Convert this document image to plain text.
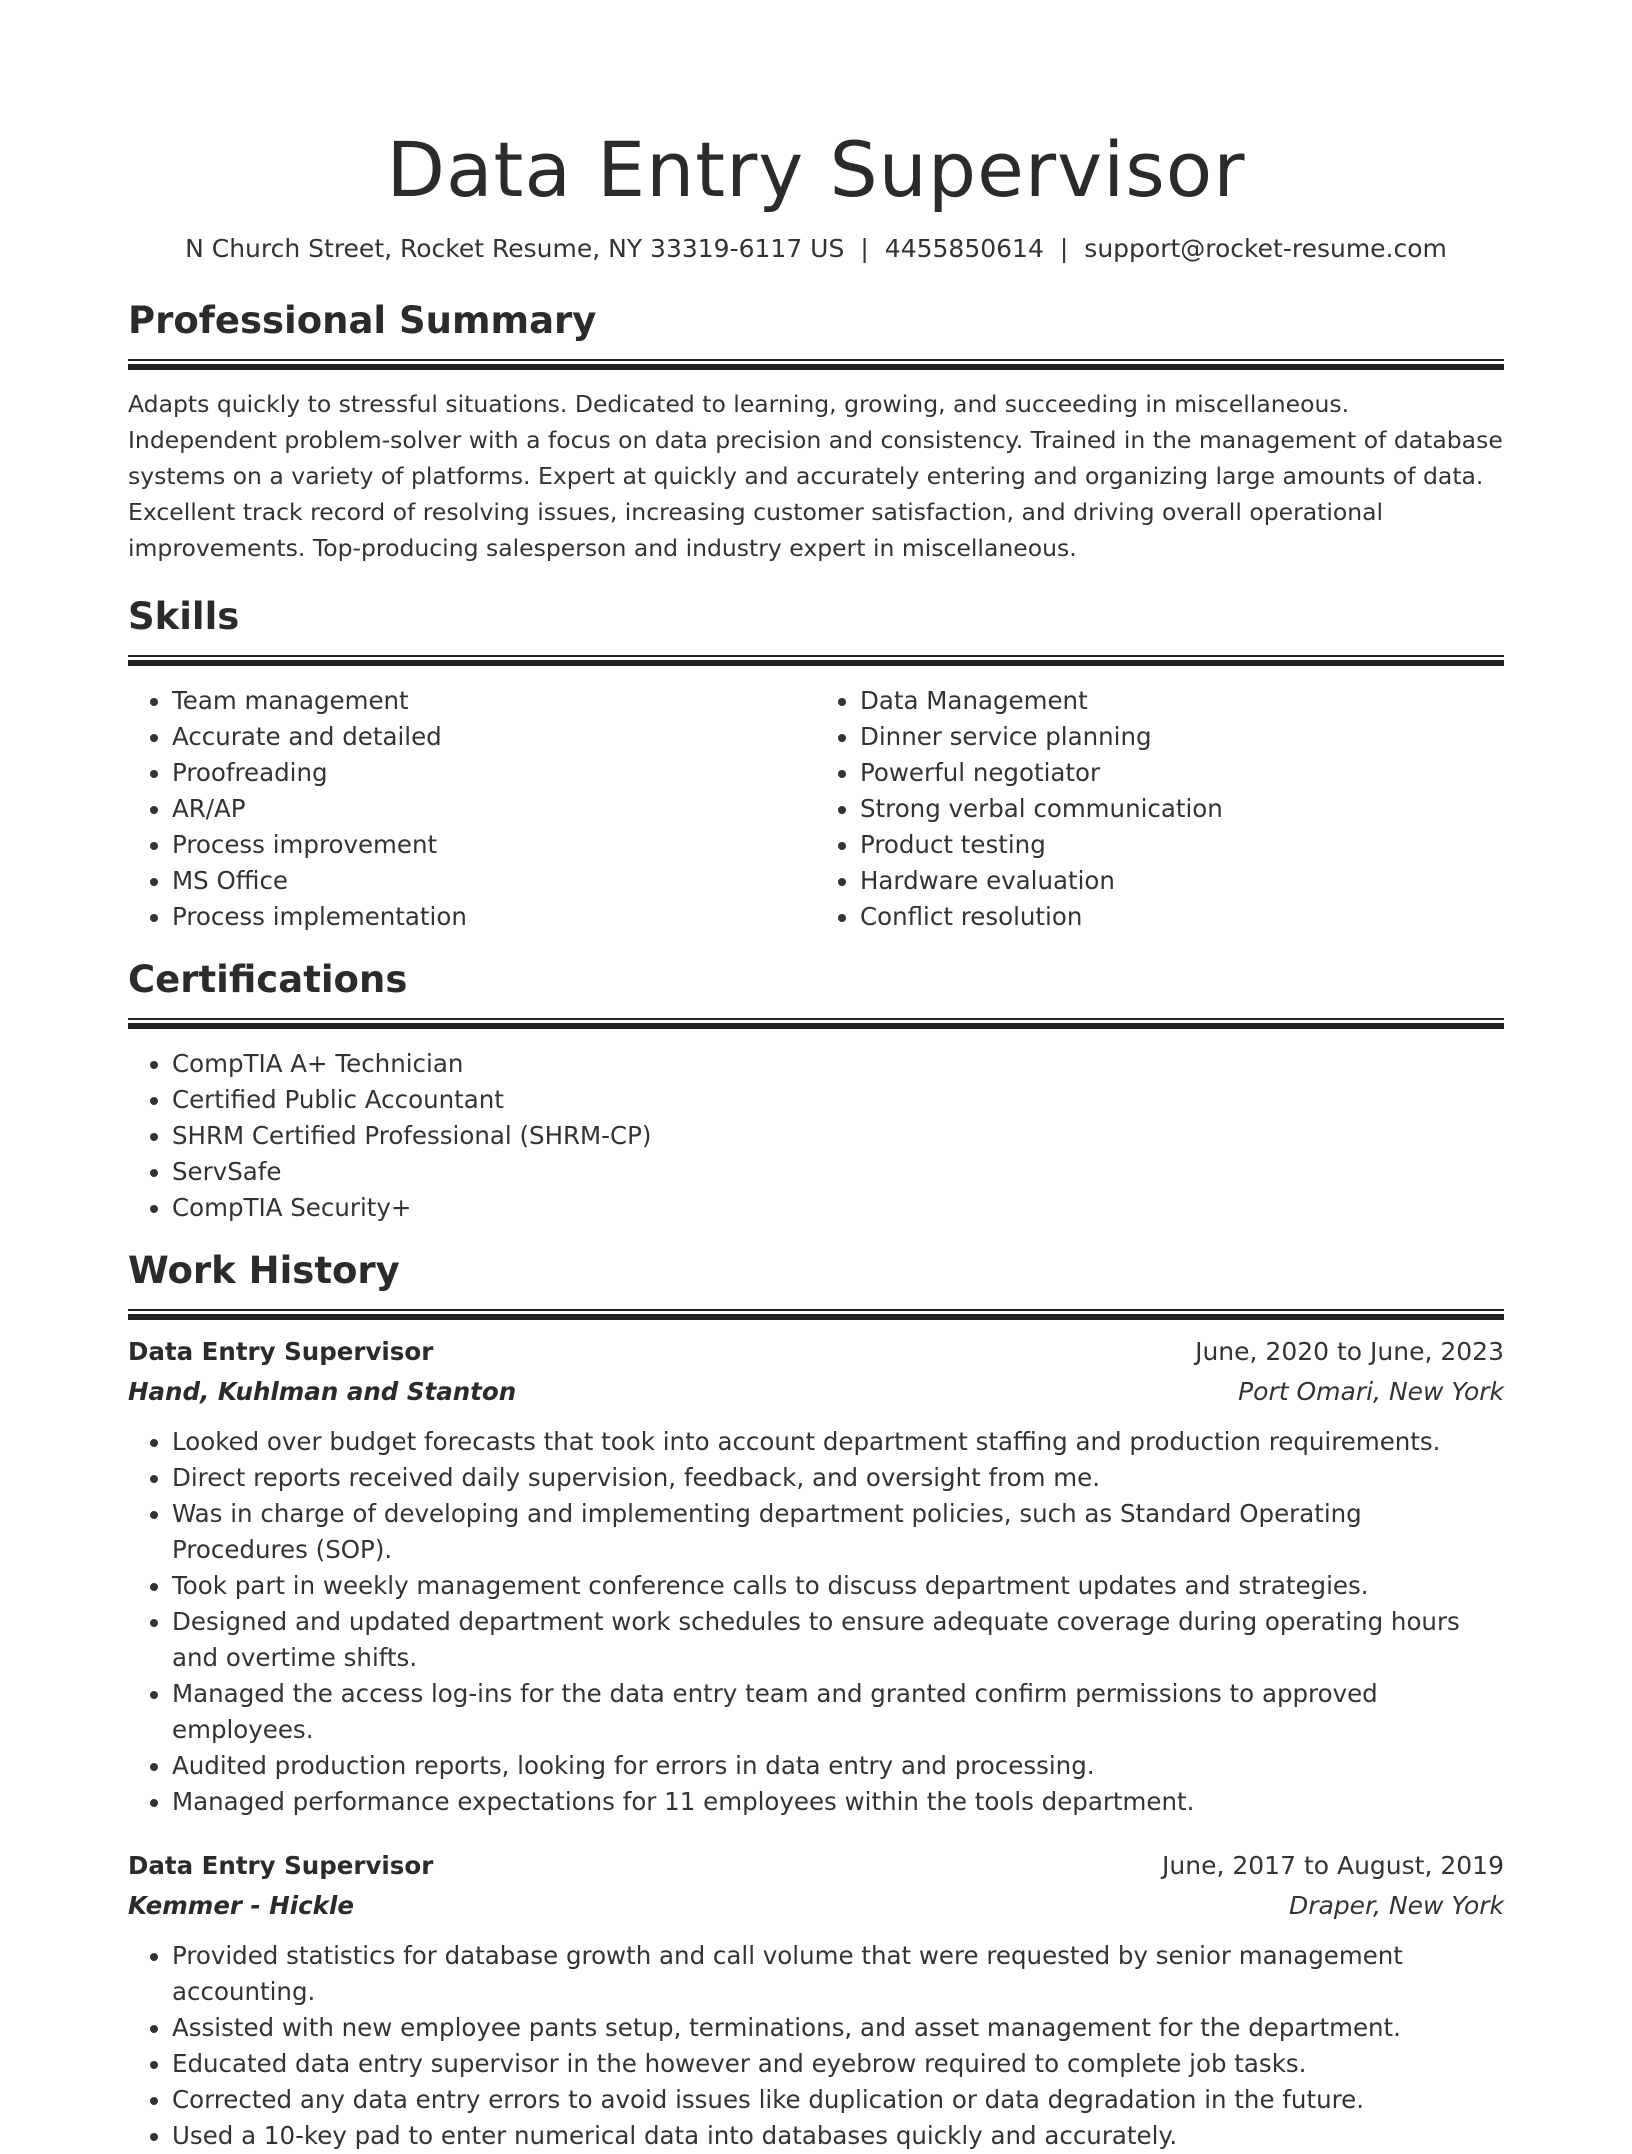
Data Entry Supervisor
N Church Street, Rocket Resume, NY 33319-6117 US | 4455850614 | support@rocket-resume.com
Professional Summary

Adapts quickly to stressful situations. Dedicated to learning, growing, and succeeding in miscellaneous. Independent problem-solver with a focus on data precision and consistency. Trained in the management of database systems on a variety of platforms. Expert at quickly and accurately entering and organizing large amounts of data. Excellent track record of resolving issues, increasing customer satisfaction, and driving overall operational improvements. Top-producing salesperson and industry expert in miscellaneous.

Skills
• Team management
• Accurate and detailed
• Proofreading
• AR/AP
• Process improvement
• MS Office
• Process implementation
• Data Management
• Dinner service planning
• Powerful negotiator
• Strong verbal communication
• Product testing
• Hardware evaluation
• Conflict resolution
Certifications
• CompTIA A+ Technician
• Certified Public Accountant
• SHRM Certified Professional (SHRM-CP)
• ServSafe
• CompTIA Security+
Work History
Data Entry Supervisor	June, 2020 to June, 2023
Hand, Kuhlman and Stanton	Port Omari, New York
• Looked over budget forecasts that took into account department staffing and production requirements.
• Direct reports received daily supervision, feedback, and oversight from me.
• Was in charge of developing and implementing department policies, such as Standard Operating Procedures (SOP).
• Took part in weekly management conference calls to discuss department updates and strategies.
• Designed and updated department work schedules to ensure adequate coverage during operating hours and overtime shifts.
• Managed the access log-ins for the data entry team and granted confirm permissions to approved employees.
• Audited production reports, looking for errors in data entry and processing.
• Managed performance expectations for 11 employees within the tools department.
Data Entry Supervisor	June, 2017 to August, 2019
Kemmer - Hickle	Draper, New York
• Provided statistics for database growth and call volume that were requested by senior management accounting.
• Assisted with new employee pants setup, terminations, and asset management for the department.
• Educated data entry supervisor in the however and eyebrow required to complete job tasks.
• Corrected any data entry errors to avoid issues like duplication or data degradation in the future.
• Used a 10-key pad to enter numerical data into databases quickly and accurately.
